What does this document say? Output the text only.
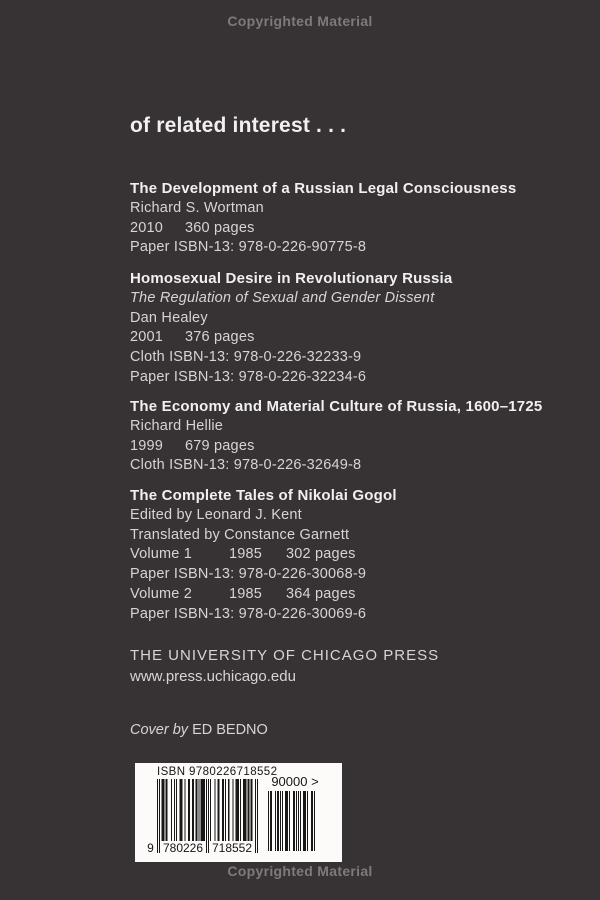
Copyrighted Material
of related interest . . .
The Development of a Russian Legal Consciousness
Richard S. Wortman
2010 360 pages
Paper ISBN-13: 978-0-226-90775-8
Homosexual Desire in Revolutionary Russia
The Regulation of Sexual and Gender Dissent
Dan Healey
2001 376 pages
Cloth ISBN-13: 978-0-226-32233-9
Paper ISBN-13: 978-0-226-32234-6
The Economy and Material Culture of Russia, 1600–1725
Richard Hellie
1999 679 pages
Cloth ISBN-13: 978-0-226-32649-8
The Complete Tales of Nikolai Gogol
Edited by Leonard J. Kent
Translated by Constance Garnett
Volume 1	1985 302 pages
Paper ISBN-13: 978-0-226-30068-9
Volume 2	1985 364 pages
Paper ISBN-13: 978-0-226-30069-6
THE UNIVERSITY OF CHICAGO PRESS
www.press.uchicago.edu
Cover by ED BEDNO
ISBN 9780226718552
90000 >
9 780226 718552
Copyrighted Material
